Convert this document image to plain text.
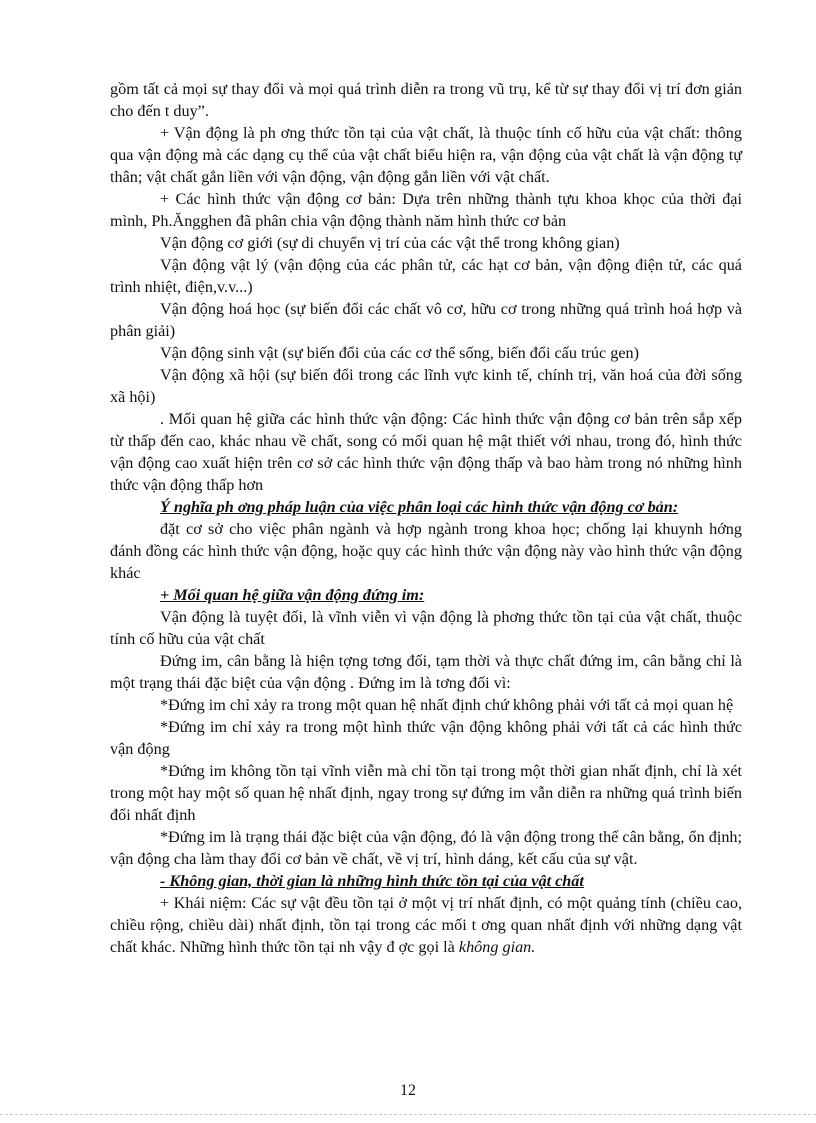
gồm tất cả mọi sự thay đổi và mọi quá trình diễn ra trong vũ trụ, kể từ sự thay đổi vị trí đơn giản cho đến t duy”.

+ Vận động là ph ơng thức tồn tại của vật chất, là thuộc tính cố hữu của vật chất: thông qua vận động mà các dạng cụ thể của vật chất biểu hiện ra, vận động của vật chất là vận động tự thân; vật chất gắn liền với vận động, vận động gắn liền với vật chất.

+ Các hình thức vận động cơ bản: Dựa trên những thành tựu khoa khọc của thời đại mình, Ph.Ăngghen đã phân chia vận động thành năm hình thức cơ bản

Vận động cơ giới (sự di chuyển vị trí của các vật thể trong không gian)

Vận động vật lý (vận động của các phân tử, các hạt cơ bản, vận động điện tử, các quá trình nhiệt, điện,v.v...)

Vận động hoá học (sự biến đổi các chất vô cơ, hữu cơ trong những quá trình hoá hợp và phân giải)

Vận động sinh vật (sự biến đổi của các cơ thể sống, biến đổi cấu trúc gen)

Vận động xã hội (sự biến đổi trong các lĩnh vực kinh tế, chính trị, văn hoá của đời sống xã hội)

. Mối quan hệ giữa các hình thức vận động: Các hình thức vận động cơ bản trên sắp xếp từ thấp đến cao, khác nhau về chất, song có mối quan hệ mật thiết với nhau, trong đó, hình thức vận động cao xuất hiện trên cơ sở các hình thức vận động thấp và bao hàm trong nó những hình thức vận động thấp hơn

Ý nghĩa ph ơng pháp luận của việc phân loại các hình thức vận động cơ bản:

đặt cơ sở cho việc phân ngành và hợp ngành trong khoa học; chống lại khuynh hớng đánh đồng các hình thức vận động, hoặc quy các hình thức vận động này vào hình thức vận động khác

+ Mối quan hệ giữa vận động đứng im:

Vận động là tuyệt đối, là vĩnh viễn vì vận động là phơng thức tồn tại của vật chất, thuộc tính cố hữu của vật chất

Đứng im, cân bằng là hiện tợng tơng đối, tạm thời và thực chất đứng im, cân bằng chỉ là một trạng thái đặc biệt của vận động . Đứng im là tơng đối vì:

*Đứng im chỉ xảy ra trong một quan hệ nhất định chứ không phải với tất cả mọi quan hệ

*Đứng im chỉ xảy ra trong một hình thức vận động không phải với tất cả các hình thức vận động

*Đứng im không tồn tại vĩnh viễn mà chỉ tồn tại trong một thời gian nhất định, chỉ là xét trong một hay một số quan hệ nhất định, ngay trong sự đứng im vẫn diễn ra những quá trình biến đổi nhất định

*Đứng im là trạng thái đặc biệt của vận động, đó là vận động trong thế cân bằng, ổn định; vận động cha làm thay đổi cơ bản về chất, về vị trí, hình dáng, kết cấu của sự vật.

- Không gian, thời gian là những hình thức tồn tại của vật chất

+ Khái niệm: Các sự vật đều tồn tại ở một vị trí nhất định, có một quảng tính (chiều cao, chiều rộng, chiều dài) nhất định, tồn tại trong các mối t ơng quan nhất định với những dạng vật chất khác. Những hình thức tồn tại nh vậy đ ợc gọi là không gian.

12
